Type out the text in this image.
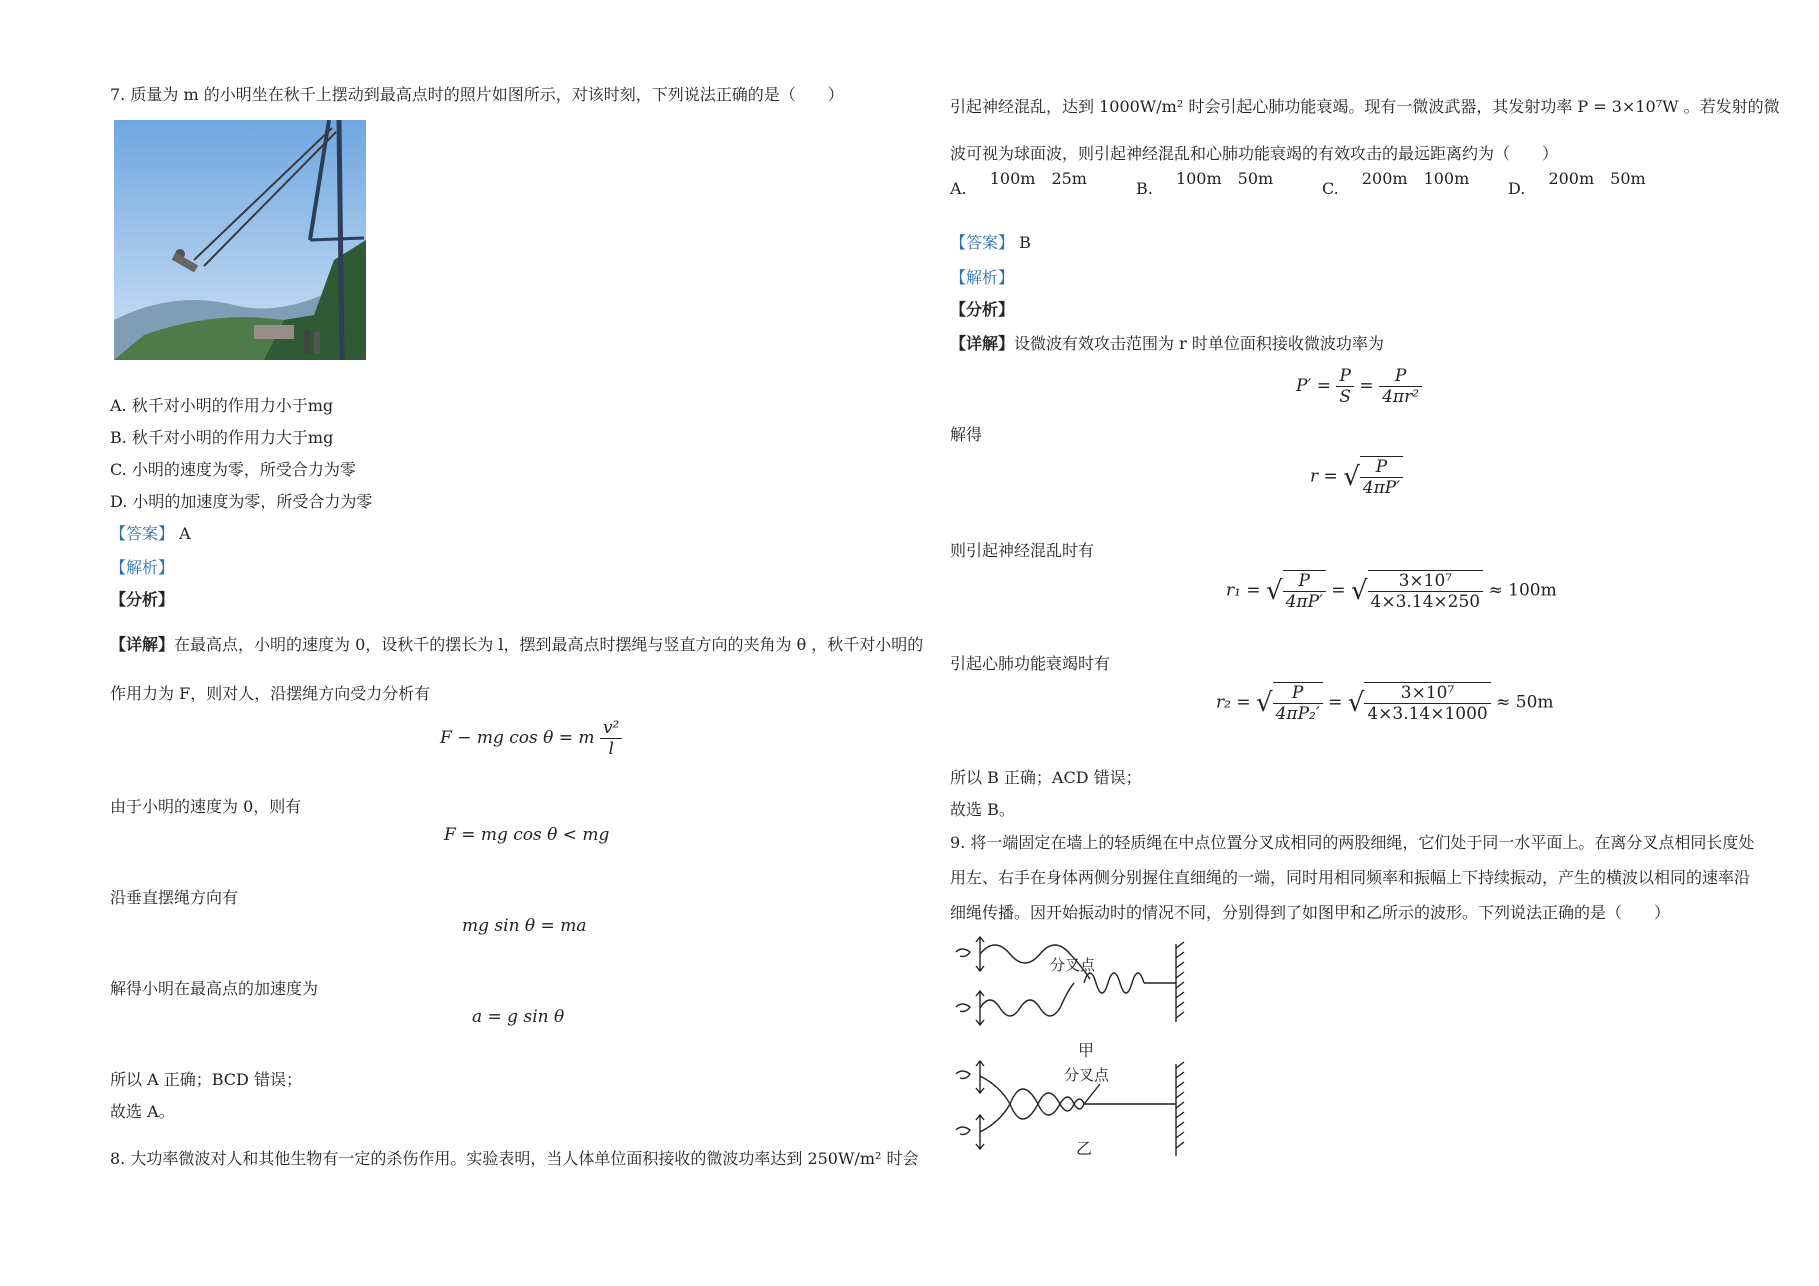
7. 质量为 m 的小明坐在秋千上摆动到最高点时的照片如图所示，对该时刻，下列说法正确的是（　　）
A. 秋千对小明的作用力小于mg
B. 秋千对小明的作用力大于mg
C. 小明的速度为零，所受合力为零
D. 小明的加速度为零，所受合力为零
【答案】 A
【解析】
【分析】
【详解】在最高点，小明的速度为 0，设秋千的摆长为 l，摆到最高点时摆绳与竖直方向的夹角为 θ ，秋千对小明的
作用力为 F，则对人，沿摆绳方向受力分析有
F − mg cos θ = m $\frac{\text{v²}}{l}$
由于小明的速度为 0，则有
F = mg cos θ < mg
沿垂直摆绳方向有
mg sin θ = ma
解得小明在最高点的加速度为
a = g sin θ
所以 A 正确；BCD 错误；
故选 A。
8. 大功率微波对人和其他生物有一定的杀伤作用。实验表明，当人体单位面积接收的微波功率达到 250W/m² 时会
引起神经混乱，达到 1000W/m² 时会引起心肺功能衰竭。现有一微波武器，其发射功率 P = 3×10⁷W 。若发射的微
波可视为球面波，则引起神经混乱和心肺功能衰竭的有效攻击的最远距离约为（　　）
A. 100m　25m
B. 100m　50m
C. 200m　100m
D. 200m　50m
【答案】 B
【解析】
【分析】
【详解】设微波有效攻击范围为 r 时单位面积接收微波功率为
$P' = \frac{P}{S} = \frac{P}{\text{4πr²}}$
解得
r = √ $\frac{P}{4\pi P'}$
则引起神经混乱时有
r₁ = √ $\frac{P}{4\pi P'}$ = √ $\frac{\text{3×10⁷}}{4\times 3.14\times 250} \approx 100m$
引起心肺功能衰竭时有
r₂ = √ $\frac{P}{\text{4πP₂′}}$ = √ $\frac{\text{3×10⁷}}{4\times 3.14\times 1000} \approx 50m$
所以 B 正确；ACD 错误；
故选 B。
9. 将一端固定在墙上的轻质绳在中点位置分叉成相同的两股细绳，它们处于同一水平面上。在离分叉点相同长度处
用左、右手在身体两侧分别握住直细绳的一端，同时用相同频率和振幅上下持续振动，产生的横波以相同的速率沿
细绳传播。因开始振动时的情况不同，分别得到了如图甲和乙所示的波形。下列说法正确的是（　　）
分叉点
甲
分叉点
乙
